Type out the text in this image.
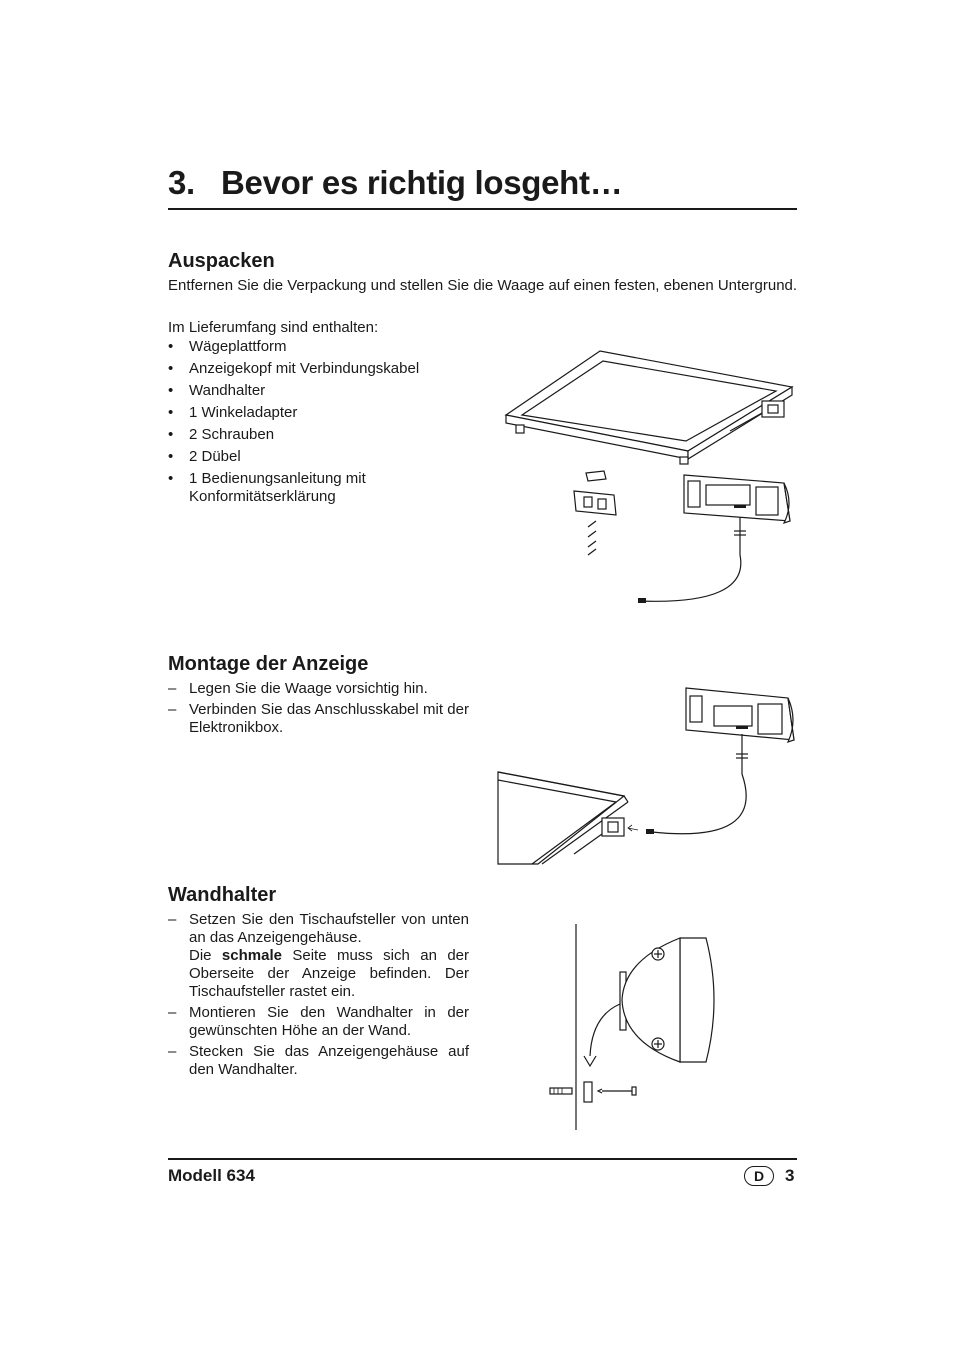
3. Bevor es richtig losgeht…
Auspacken
Entfernen Sie die Verpackung und stellen Sie die Waage auf einen festen, ebenen Untergrund.
Im Lieferumfang sind enthalten:
• Wägeplattform
• Anzeigekopf mit Verbindungskabel
• Wandhalter
• 1 Winkeladapter
• 2 Schrauben
• 2 Dübel
• 1 Bedienungsanleitung mit Konformitätserklärung
Montage der Anzeige
– Legen Sie die Waage vorsichtig hin.
– Verbinden Sie das Anschlusskabel mit der Elektronikbox.
Wandhalter
– Setzen Sie den Tischaufsteller von unten an das Anzeigengehäuse.
Die schmale Seite muss sich an der Oberseite der Anzeige befinden. Der Tischaufsteller rastet ein.
– Montieren Sie den Wandhalter in der gewünschten Höhe an der Wand.
– Stecken Sie das Anzeigengehäuse auf den Wandhalter.
Modell 634	D	3
